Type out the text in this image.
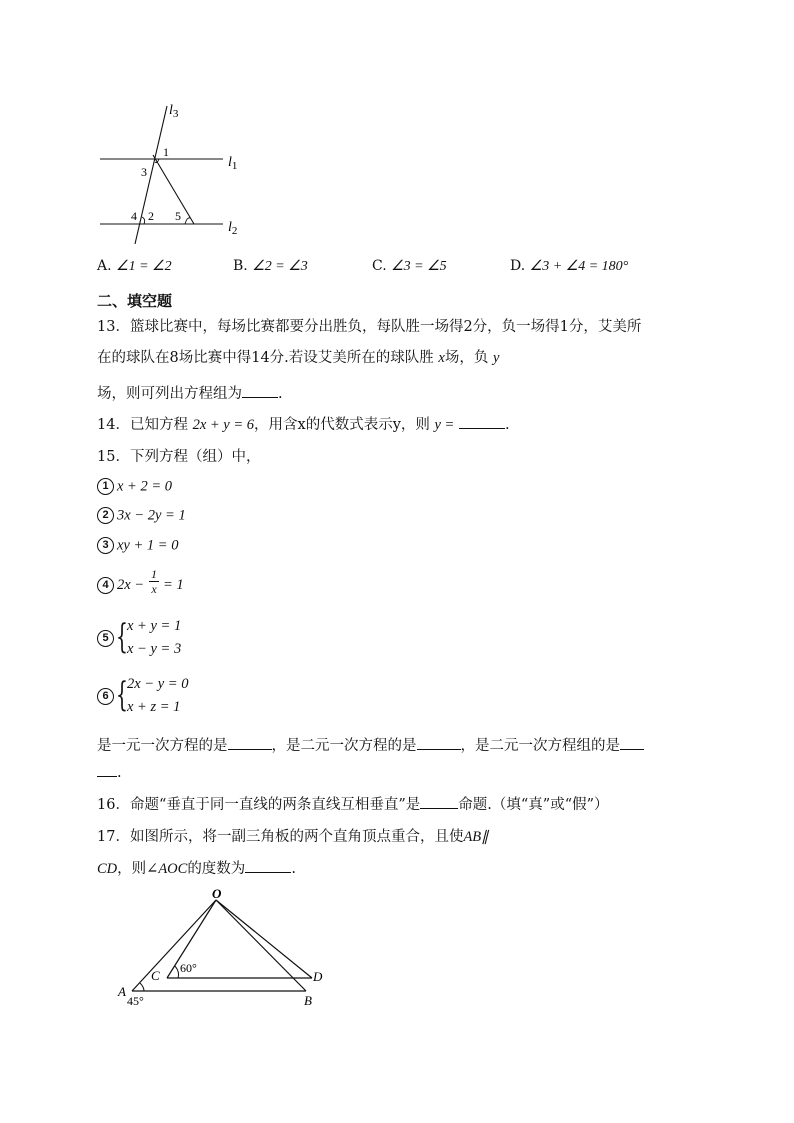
$l_3$
$l_1$
$l_2$
1
3
4 2 5
A. ∠1 = ∠2	B. ∠2 = ∠3	C. ∠3 = ∠5	D. ∠3 + ∠4 = 180°
二、填空题
13．篮球比赛中，每场比赛都要分出胜负，每队胜一场得2分，负一场得1分，艾美所
在的球队在8场比赛中得14分.若设艾美所在的球队胜 x场，负 y
场，则可列出方程组为 .
14．已知方程 2x + y = 6，用含x的代数式表示y，则 y =	.
15．下列方程（组）中，
1 x + 2 = 0
2 3x − 2y = 1
3 xy + 1 = 0
4 2x −
1
x = 1
5 { x + y = 1
x − y = 3
6 { 2x − y = 0
x + z = 1
是一元一次方程的是	，是二元一次方程的是	，是二元一次方程组的是
.
16．命题“垂直于同一直线的两条直线互相垂直”是	命题.（填“真”或“假”）
17．如图所示，将一副三角板的两个直角顶点重合，且使AB∥
CD，则∠AOC的度数为	.
O
A
B
C	D
60°
45°
